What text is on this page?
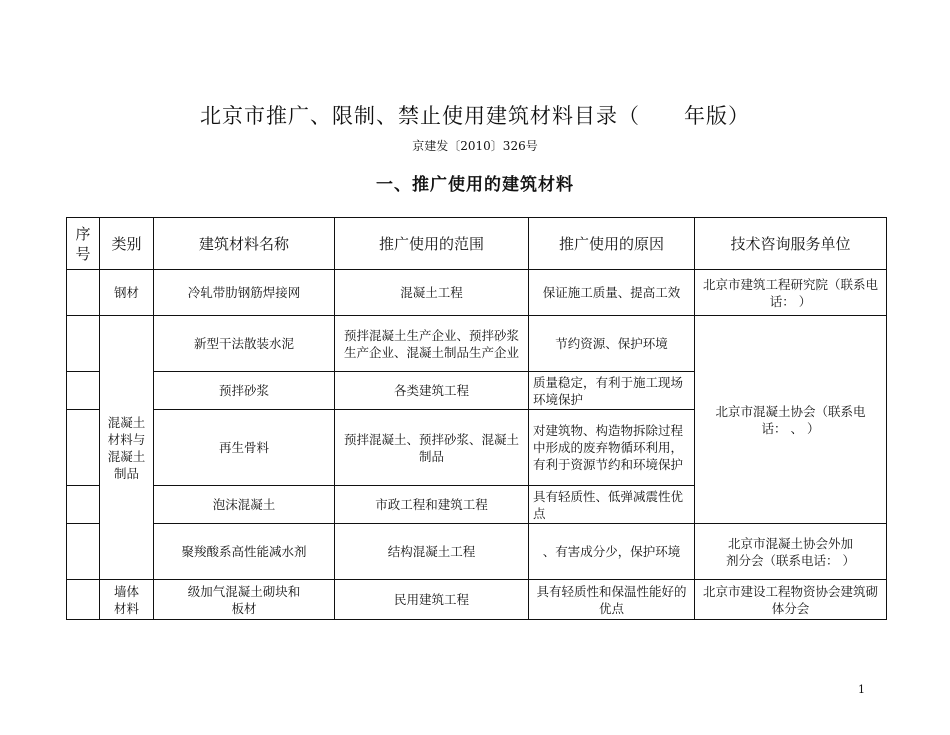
北京市推广、限制、禁止使用建筑材料目录（ 年版）
京建发〔2010〕326号
一、推广使用的建筑材料
序号	类别	建筑材料名称	推广使用的范围	推广使用的原因	技术咨询服务单位
	钢材	冷轧带肋钢筋焊接网	混凝土工程	保证施工质量、提高工效	北京市建筑工程研究院（联系电话： ）
	混凝土材料与混凝土制品	新型干法散装水泥	预拌混凝土生产企业、预拌砂浆生产企业、混凝土制品生产企业	节约资源、保护环境	北京市混凝土协会（联系电话： 、 ）
		预拌砂浆	各类建筑工程	质量稳定，有利于施工现场环境保护	
		再生骨料	预拌混凝土、预拌砂浆、混凝土制品	对建筑物、构造物拆除过程中形成的废弃物循环利用，有利于资源节约和环境保护	
		泡沫混凝土	市政工程和建筑工程	具有轻质性、低弹减震性优点	
		聚羧酸系高性能减水剂	结构混凝土工程	、有害成分少，保护环境	北京市混凝土协会外加剂分会（联系电话： ）
	墙体材料	级加气混凝土砌块和板材	民用建筑工程	具有轻质性和保温性能好的优点	北京市建设工程物资协会建筑砌体分会
1
